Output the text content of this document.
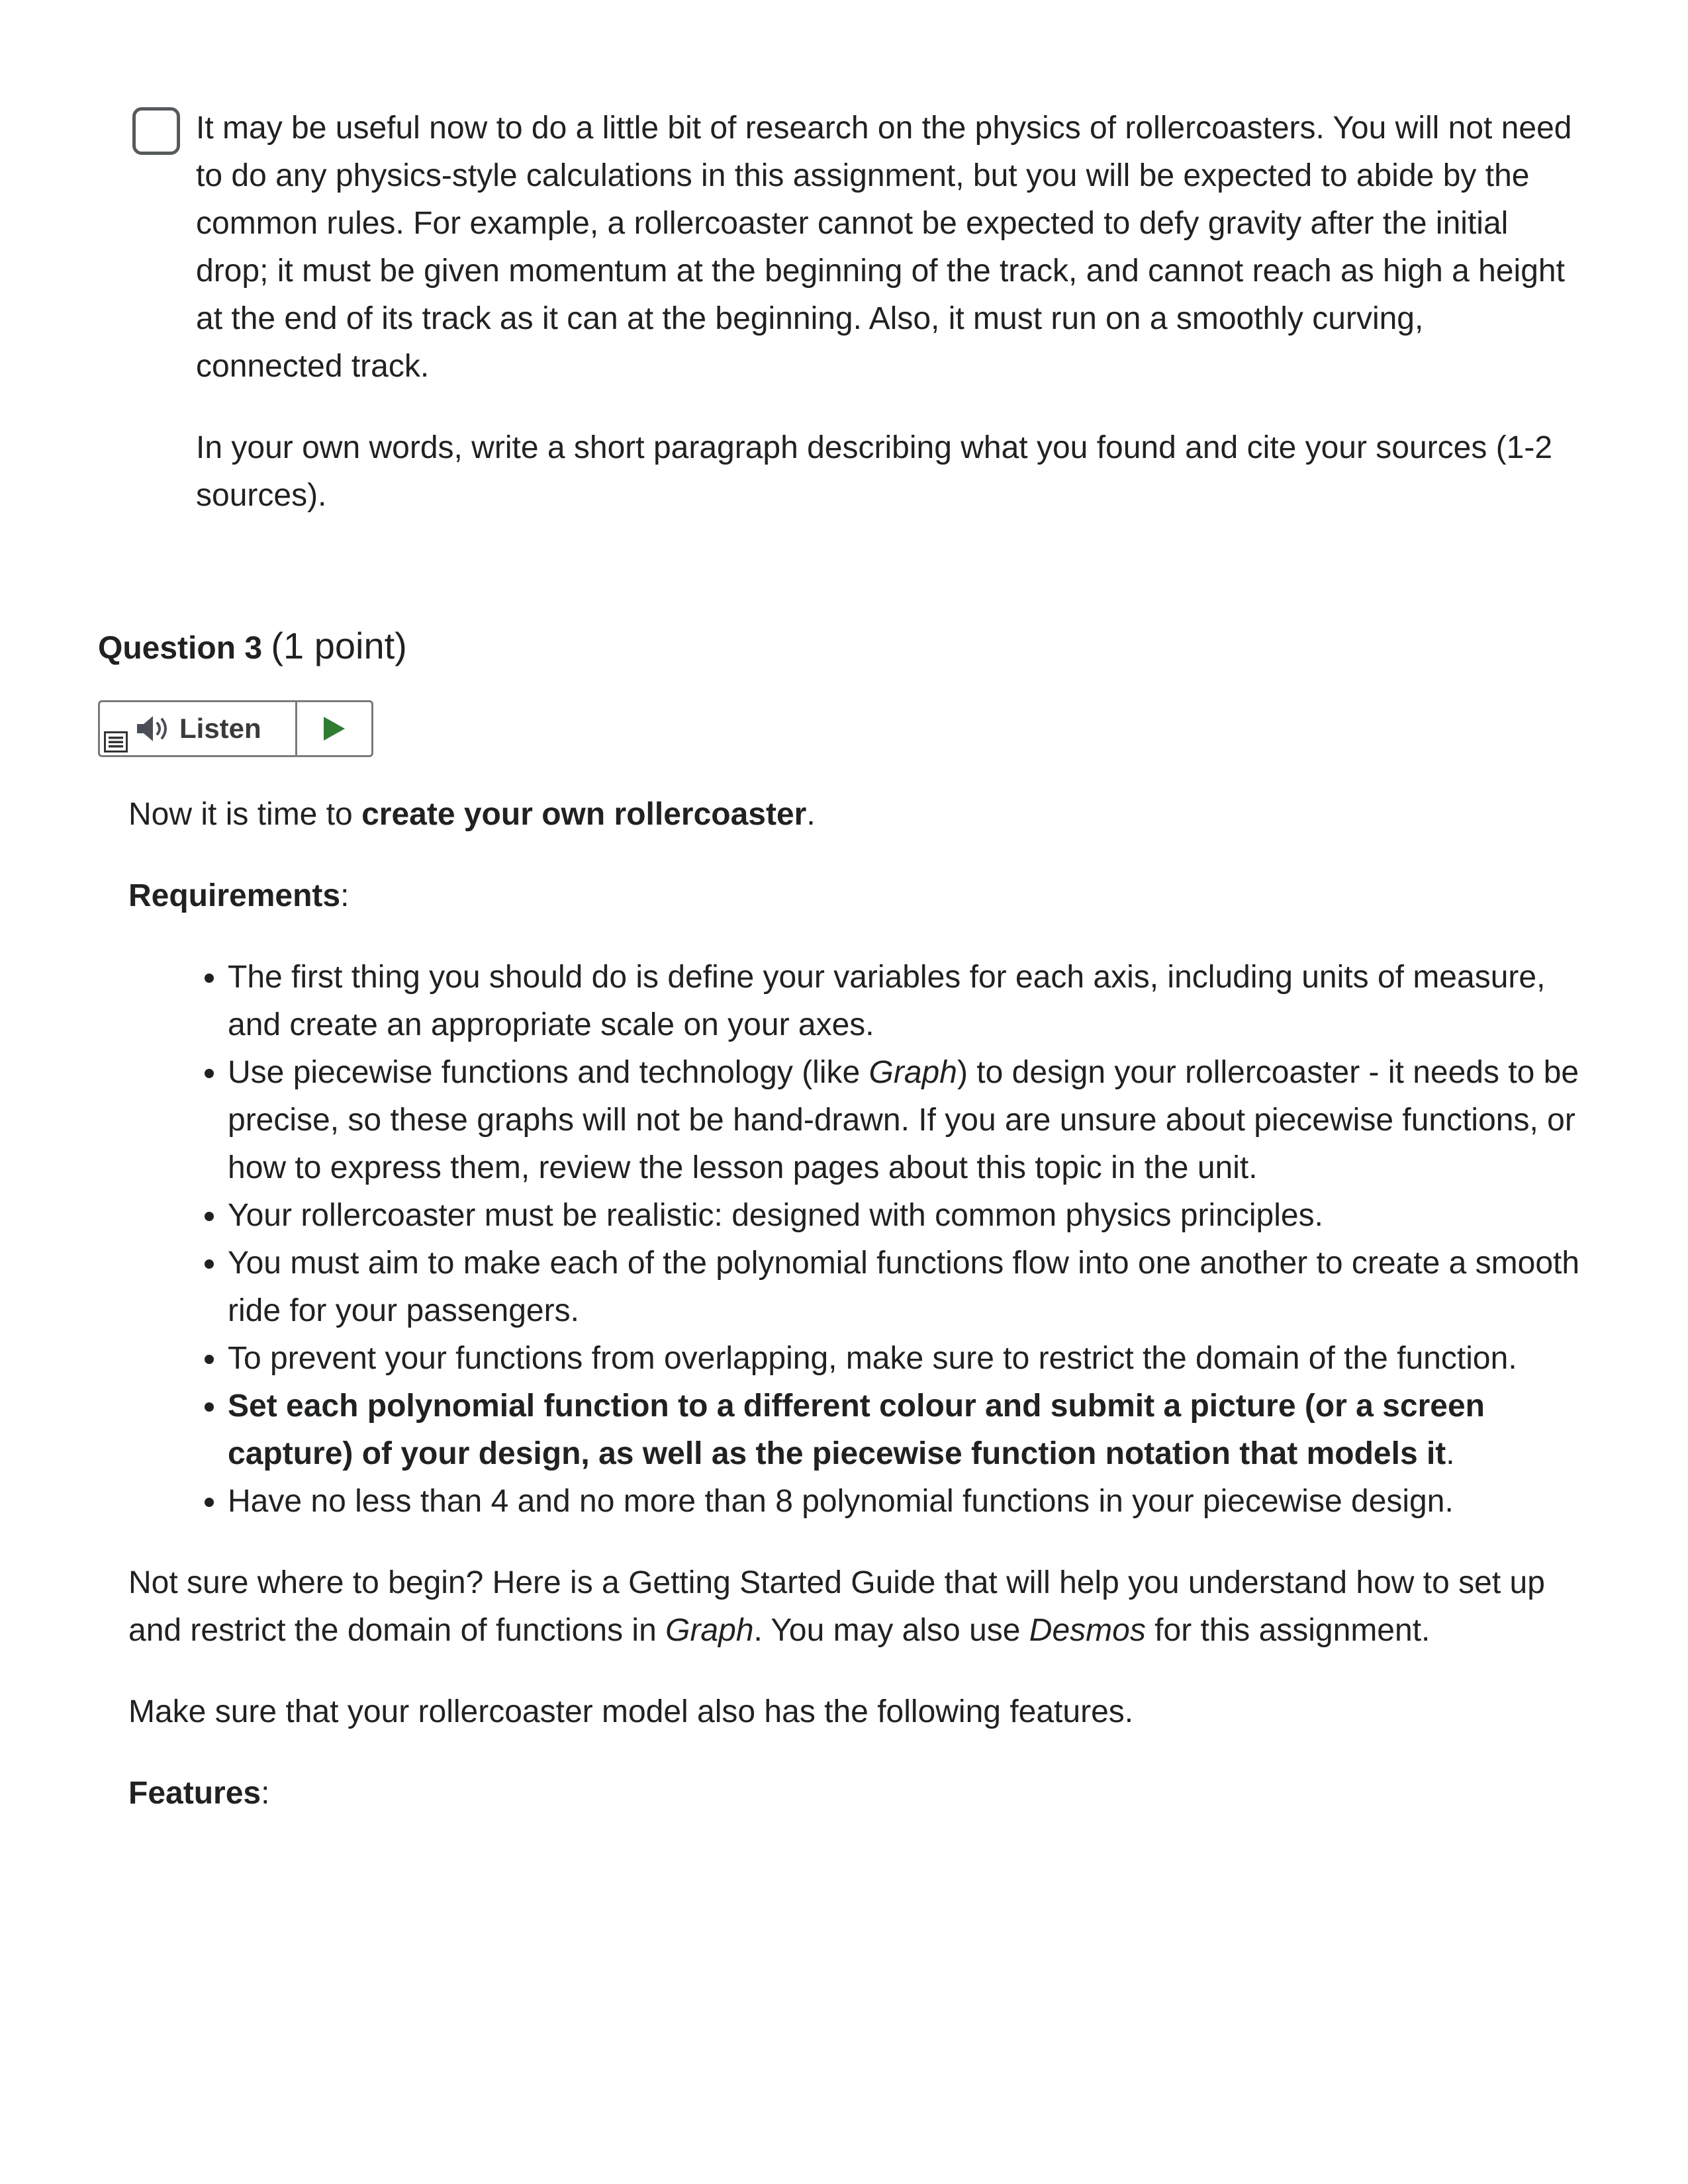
It may be useful now to do a little bit of research on the physics of rollercoasters. You will not need to do any physics-style calculations in this assignment, but you will be expected to abide by the common rules. For example, a rollercoaster cannot be expected to defy gravity after the initial drop; it must be given momentum at the beginning of the track, and cannot reach as high a height at the end of its track as it can at the beginning. Also, it must run on a smoothly curving, connected track.

In your own words, write a short paragraph describing what you found and cite your sources (1-2 sources).

Question 3 (1 point)
Listen

Now it is time to create your own rollercoaster.

Requirements:

• The first thing you should do is define your variables for each axis, including units of measure, and create an appropriate scale on your axes.
• Use piecewise functions and technology (like Graph) to design your rollercoaster - it needs to be precise, so these graphs will not be hand-drawn. If you are unsure about piecewise functions, or how to express them, review the lesson pages about this topic in the unit.
• Your rollercoaster must be realistic: designed with common physics principles.
• You must aim to make each of the polynomial functions flow into one another to create a smooth ride for your passengers.
• To prevent your functions from overlapping, make sure to restrict the domain of the function.
• Set each polynomial function to a different colour and submit a picture (or a screen capture) of your design, as well as the piecewise function notation that models it.
• Have no less than 4 and no more than 8 polynomial functions in your piecewise design.

Not sure where to begin? Here is a Getting Started Guide that will help you understand how to set up and restrict the domain of functions in Graph. You may also use Desmos for this assignment.

Make sure that your rollercoaster model also has the following features.

Features:
